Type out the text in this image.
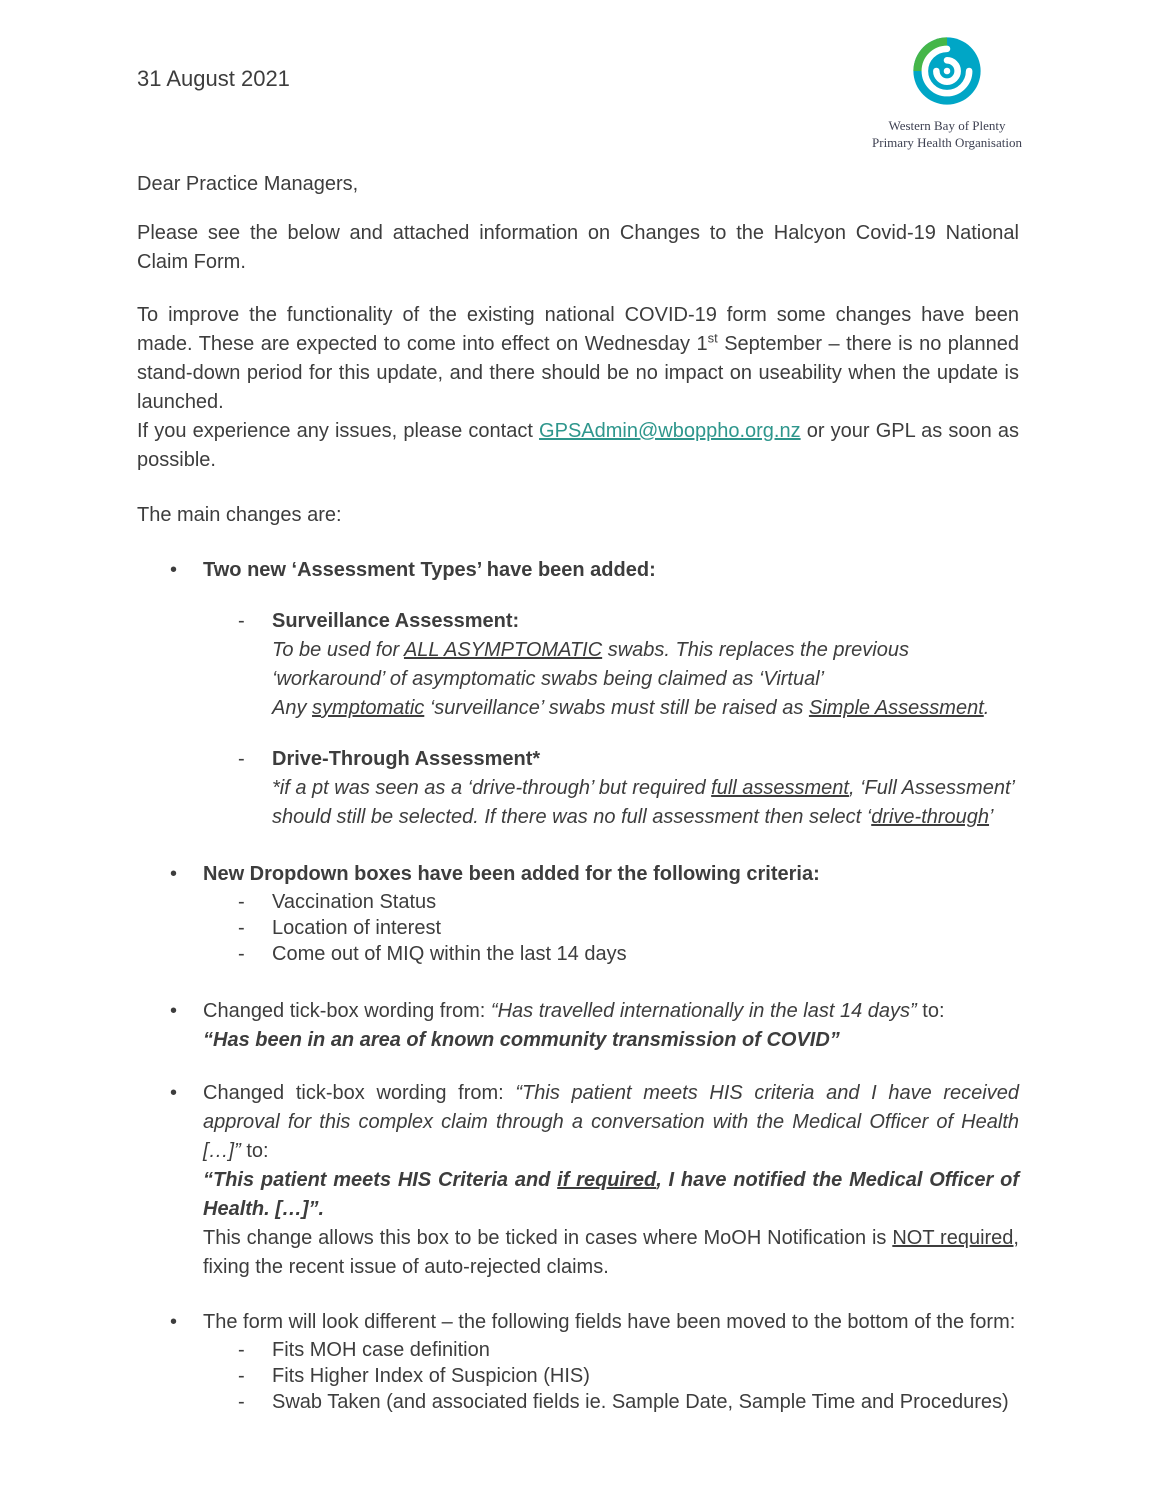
31 August 2021
Western Bay of Plenty
Primary Health Organisation

Dear Practice Managers,

Please see the below and attached information on Changes to the Halcyon Covid-19 National Claim Form.

To improve the functionality of the existing national COVID-19 form some changes have been made. These are expected to come into effect on Wednesday 1st September – there is no planned stand-down period for this update, and there should be no impact on useability when the update is launched.
If you experience any issues, please contact GPSAdmin@wboppho.org.nz or your GPL as soon as possible.

The main changes are:

•	Two new ‘Assessment Types’ have been added:
-	Surveillance Assessment:
To be used for ALL ASYMPTOMATIC swabs. This replaces the previous ‘workaround’ of asymptomatic swabs being claimed as ‘Virtual’
Any symptomatic ‘surveillance’ swabs must still be raised as Simple Assessment.
-	Drive-Through Assessment*
*if a pt was seen as a ‘drive-through’ but required full assessment, ‘Full Assessment’ should still be selected. If there was no full assessment then select ‘drive-through’
•	New Dropdown boxes have been added for the following criteria:
-	Vaccination Status
-	Location of interest
-	Come out of MIQ within the last 14 days
•	Changed tick-box wording from: “Has travelled internationally in the last 14 days” to:
“Has been in an area of known community transmission of COVID”
•	Changed tick-box wording from: “This patient meets HIS criteria and I have received approval for this complex claim through a conversation with the Medical Officer of Health […]” to:
“This patient meets HIS Criteria and if required, I have notified the Medical Officer of Health. […]”.
This change allows this box to be ticked in cases where MoOH Notification is NOT required, fixing the recent issue of auto-rejected claims.
•	The form will look different – the following fields have been moved to the bottom of the form:
-	Fits MOH case definition
-	Fits Higher Index of Suspicion (HIS)
-	Swab Taken (and associated fields ie. Sample Date, Sample Time and Procedures)
